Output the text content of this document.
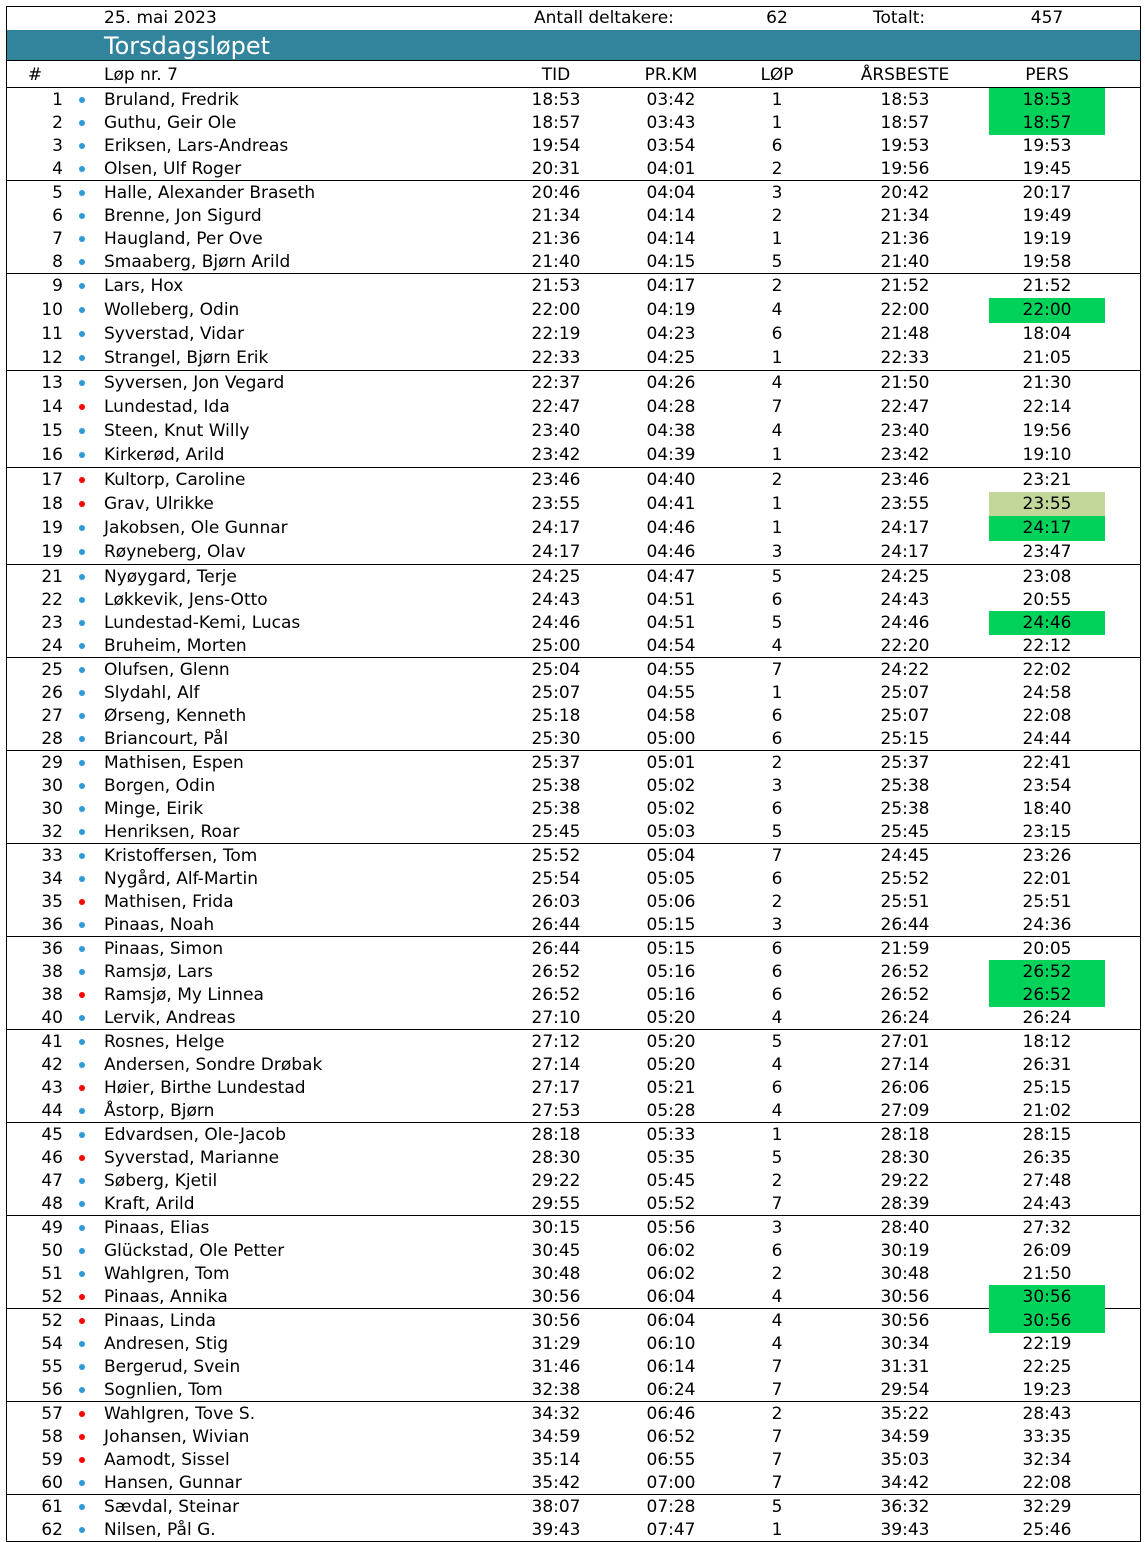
25. mai 2023	Antall deltakere:	62	Totalt:	457
Torsdagsløpet
#	Løp nr. 7	TID	PR.KM	LØP	ÅRSBESTE	PERS
1 Bruland, Fredrik	18:53	03:42	1	18:53	18:53
2 Guthu, Geir Ole	18:57	03:43	1	18:57	18:57
3 Eriksen, Lars-Andreas	19:54	03:54	6	19:53	19:53
4 Olsen, Ulf Roger	20:31	04:01	2	19:56	19:45
5 Halle, Alexander Braseth	20:46	04:04	3	20:42	20:17
6 Brenne, Jon Sigurd	21:34	04:14	2	21:34	19:49
7 Haugland, Per Ove	21:36	04:14	1	21:36	19:19
8 Smaaberg, Bjørn Arild	21:40	04:15	5	21:40	19:58
9 Lars, Hox	21:53	04:17	2	21:52	21:52
10 Wolleberg, Odin	22:00	04:19	4	22:00	22:00
11 Syverstad, Vidar	22:19	04:23	6	21:48	18:04
12 Strangel, Bjørn Erik	22:33	04:25	1	22:33	21:05
13 Syversen, Jon Vegard	22:37	04:26	4	21:50	21:30
14 Lundestad, Ida	22:47	04:28	7	22:47	22:14
15 Steen, Knut Willy	23:40	04:38	4	23:40	19:56
16 Kirkerød, Arild	23:42	04:39	1	23:42	19:10
17 Kultorp, Caroline	23:46	04:40	2	23:46	23:21
18 Grav, Ulrikke	23:55	04:41	1	23:55	23:55
19 Jakobsen, Ole Gunnar	24:17	04:46	1	24:17	24:17
19 Røyneberg, Olav	24:17	04:46	3	24:17	23:47
21 Nyøygard, Terje	24:25	04:47	5	24:25	23:08
22 Løkkevik, Jens-Otto	24:43	04:51	6	24:43	20:55
23 Lundestad-Kemi, Lucas	24:46	04:51	5	24:46	24:46
24 Bruheim, Morten	25:00	04:54	4	22:20	22:12
25 Olufsen, Glenn	25:04	04:55	7	24:22	22:02
26 Slydahl, Alf	25:07	04:55	1	25:07	24:58
27 Ørseng, Kenneth	25:18	04:58	6	25:07	22:08
28 Briancourt, Pål	25:30	05:00	6	25:15	24:44
29 Mathisen, Espen	25:37	05:01	2	25:37	22:41
30 Borgen, Odin	25:38	05:02	3	25:38	23:54
30 Minge, Eirik	25:38	05:02	6	25:38	18:40
32 Henriksen, Roar	25:45	05:03	5	25:45	23:15
33 Kristoffersen, Tom	25:52	05:04	7	24:45	23:26
34 Nygård, Alf-Martin	25:54	05:05	6	25:52	22:01
35 Mathisen, Frida	26:03	05:06	2	25:51	25:51
36 Pinaas, Noah	26:44	05:15	3	26:44	24:36
36 Pinaas, Simon	26:44	05:15	6	21:59	20:05
38 Ramsjø, Lars	26:52	05:16	6	26:52	26:52
38 Ramsjø, My Linnea	26:52	05:16	6	26:52	26:52
40 Lervik, Andreas	27:10	05:20	4	26:24	26:24
41 Rosnes, Helge	27:12	05:20	5	27:01	18:12
42 Andersen, Sondre Drøbak	27:14	05:20	4	27:14	26:31
43 Høier, Birthe Lundestad	27:17	05:21	6	26:06	25:15
44 Åstorp, Bjørn	27:53	05:28	4	27:09	21:02
45 Edvardsen, Ole-Jacob	28:18	05:33	1	28:18	28:15
46 Syverstad, Marianne	28:30	05:35	5	28:30	26:35
47 Søberg, Kjetil	29:22	05:45	2	29:22	27:48
48 Kraft, Arild	29:55	05:52	7	28:39	24:43
49 Pinaas, Elias	30:15	05:56	3	28:40	27:32
50 Glückstad, Ole Petter	30:45	06:02	6	30:19	26:09
51 Wahlgren, Tom	30:48	06:02	2	30:48	21:50
52 Pinaas, Annika	30:56	06:04	4	30:56	30:56
52 Pinaas, Linda	30:56	06:04	4	30:56	30:56
54 Andresen, Stig	31:29	06:10	4	30:34	22:19
55 Bergerud, Svein	31:46	06:14	7	31:31	22:25
56 Sognlien, Tom	32:38	06:24	7	29:54	19:23
57 Wahlgren, Tove S.	34:32	06:46	2	35:22	28:43
58 Johansen, Wivian	34:59	06:52	7	34:59	33:35
59 Aamodt, Sissel	35:14	06:55	7	35:03	32:34
60 Hansen, Gunnar	35:42	07:00	7	34:42	22:08
61 Sævdal, Steinar	38:07	07:28	5	36:32	32:29
62 Nilsen, Pål G.	39:43	07:47	1	39:43	25:46
